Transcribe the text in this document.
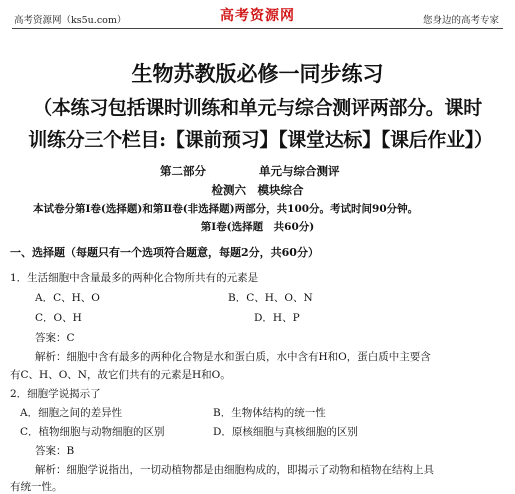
高考资源网（ks5u.com）	高考资源网	您身边的高考专家
生物苏教版必修一同步练习
（本练习包括课时训练和单元与综合测评两部分。课时
训练分三个栏目:【课前预习】【课堂达标】【课后作业】）
第二部分	单元与综合测评
检测六　模块综合
本试卷分第Ⅰ卷(选择题)和第Ⅱ卷(非选择题)两部分，共100分。考试时间90分钟。
第Ⅰ卷(选择题　共60分)
一、选择题（每题只有一个选项符合题意，每题2分，共60分）
1．生活细胞中含量最多的两种化合物所共有的元素是
A．C、H、O	B．C、H、O、N
C．O、H	D．H、P
答案：C
解析：细胞中含有最多的两种化合物是水和蛋白质，水中含有H和O，蛋白质中主要含
有C、H、O、N，故它们共有的元素是H和O。
2．细胞学说揭示了
A．细胞之间的差异性	B．生物体结构的统一性
C．植物细胞与动物细胞的区别	D．原核细胞与真核细胞的区别
答案：B
解析：细胞学说指出，一切动植物都是由细胞构成的，即揭示了动物和植物在结构上具
有统一性。
